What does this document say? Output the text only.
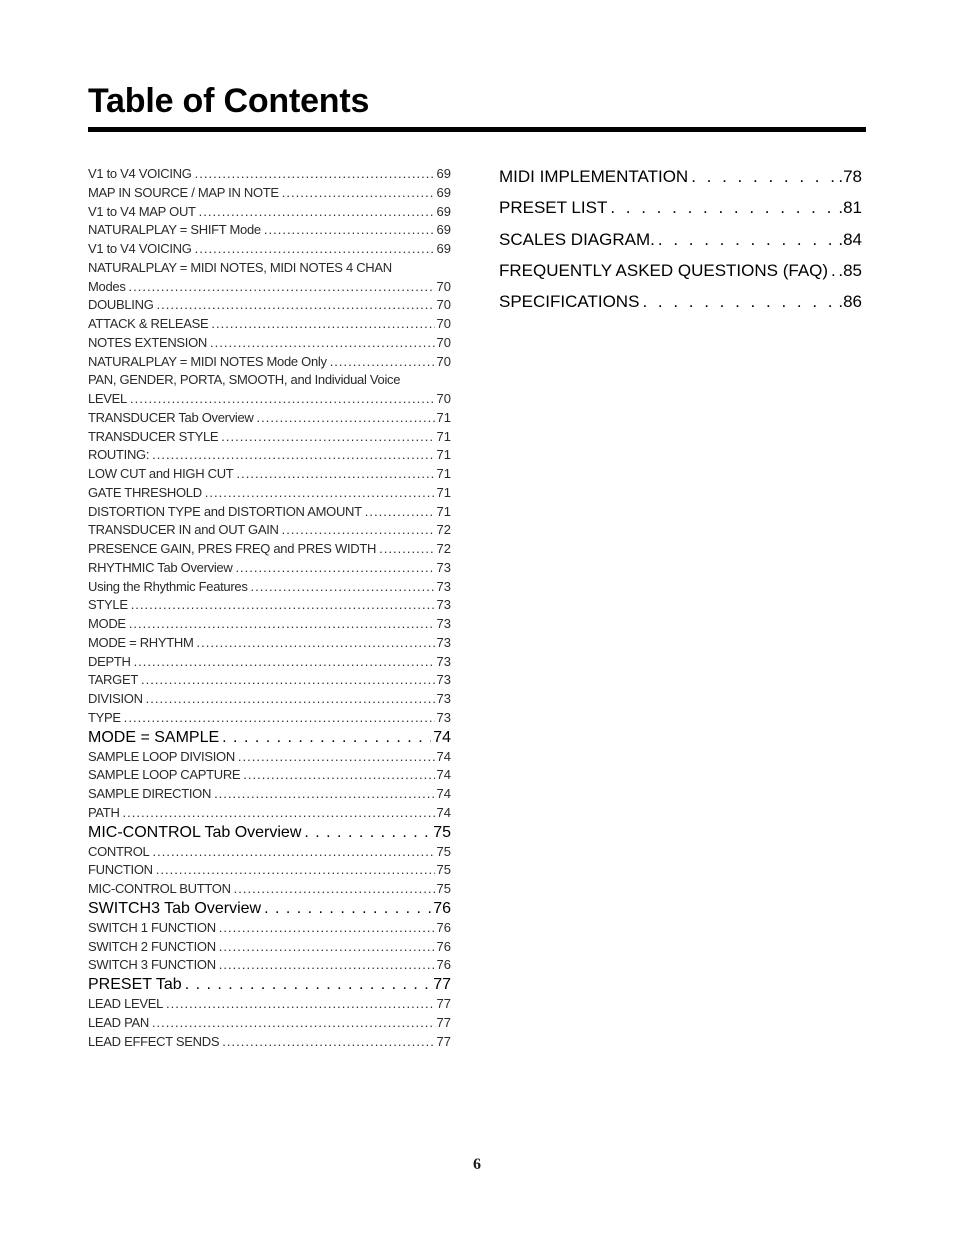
Table of Contents
V1 to V4 VOICING . . .	69
MAP IN SOURCE / MAP IN NOTE . . .	69
V1 to V4 MAP OUT . . .	69
NATURALPLAY = SHIFT Mode . . .	69
V1 to V4 VOICING . . .	69
NATURALPLAY = MIDI NOTES, MIDI NOTES 4 CHAN
Modes . . .	70
DOUBLING . . .	70
ATTACK & RELEASE . . .	70
NOTES EXTENSION . . .	70
NATURALPLAY = MIDI NOTES Mode Only . . .	70
PAN, GENDER, PORTA, SMOOTH, and Individual Voice
LEVEL . . .	70
TRANSDUCER Tab Overview . . .	71
TRANSDUCER STYLE . . .	71
ROUTING: . . .	71
LOW CUT and HIGH CUT . . .	71
GATE THRESHOLD . . .	71
DISTORTION TYPE and DISTORTION AMOUNT . . .	71
TRANSDUCER IN and OUT GAIN . . .	72
PRESENCE GAIN, PRES FREQ and PRES WIDTH . . .	72
RHYTHMIC Tab Overview . . .	73
Using the Rhythmic Features . . .	73
STYLE . . .	73
MODE . . .	73
MODE = RHYTHM . . .	73
DEPTH . . .	73
TARGET . . .	73
DIVISION . . .	73
TYPE . . .	73
MODE = SAMPLE . . .	74
SAMPLE LOOP DIVISION . . .	74
SAMPLE LOOP CAPTURE . . .	74
SAMPLE DIRECTION . . .	74
PATH . . .	74
MIC-CONTROL Tab Overview . . .	75
CONTROL . . .	75
FUNCTION . . .	75
MIC-CONTROL BUTTON . . .	75
SWITCH3 Tab Overview . . .	76
SWITCH 1 FUNCTION . . .	76
SWITCH 2 FUNCTION . . .	76
SWITCH 3 FUNCTION . . .	76
PRESET Tab . . .	77
LEAD LEVEL . . .	77
LEAD PAN . . .	77
LEAD EFFECT SENDS . . .	77
MIDI IMPLEMENTATION . . .	.78
PRESET LIST . . .	.81
SCALES DIAGRAM. . . .	.84
FREQUENTLY ASKED QUESTIONS (FAQ) . . . .85
SPECIFICATIONS . . .	.86
6
